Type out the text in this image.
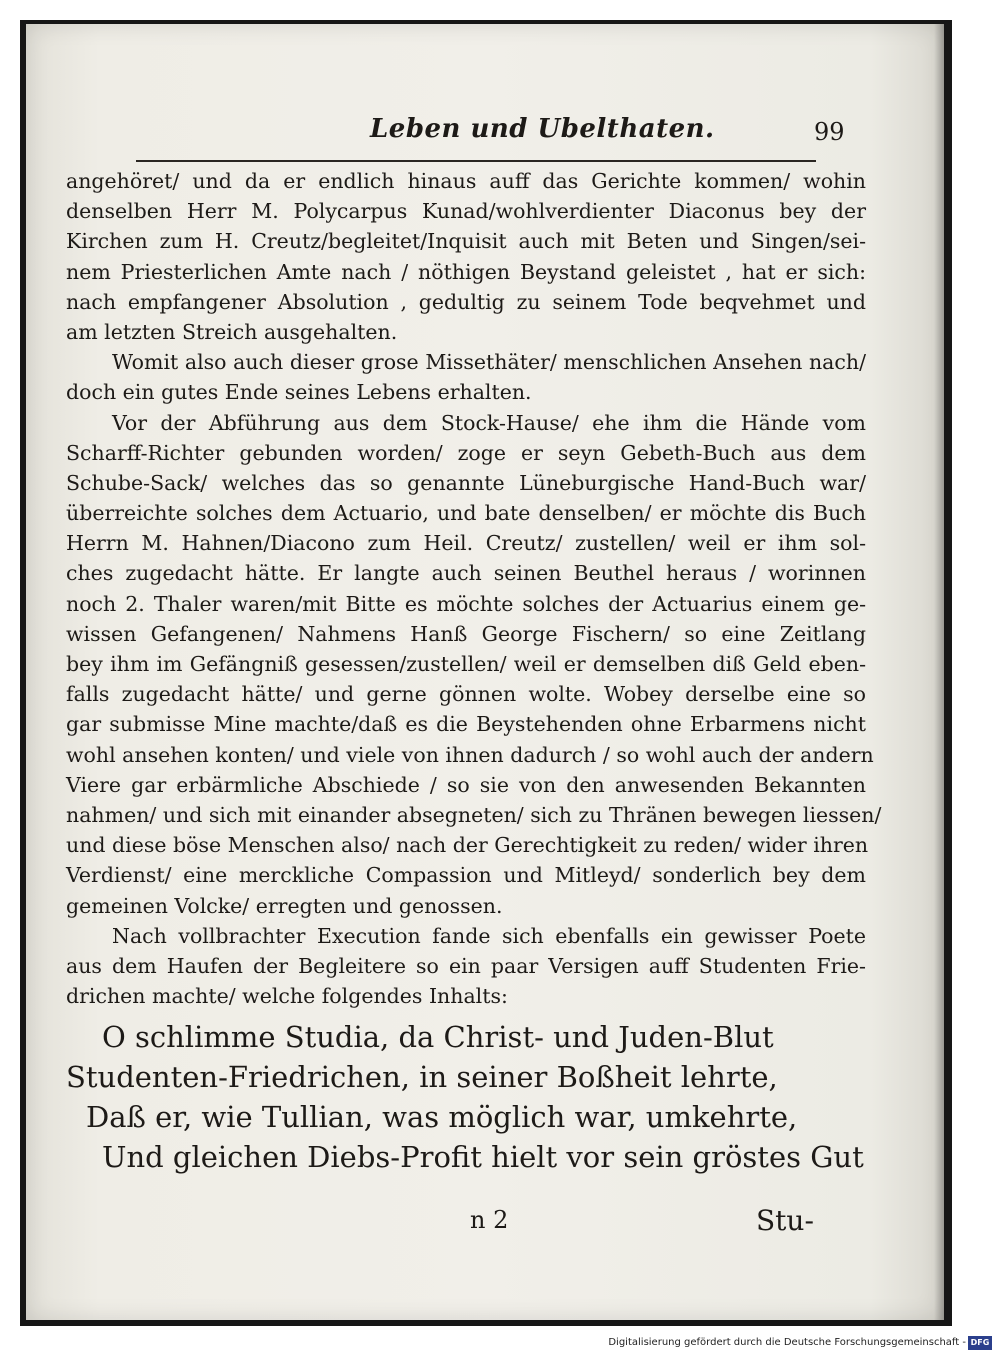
Leben und Ubelthaten.	99
angehöret/ und da er endlich hinaus auff das Gerichte kommen/ wohin
denselben Herr M. Polycarpus Kunad/wohlverdienter Diaconus bey der
Kirchen zum H. Creutz/begleitet/Inquisit auch mit Beten und Singen/sei-
nem Priesterlichen Amte nach / nöthigen Beystand geleistet , hat er sich:
nach empfangener Absolution , gedultig zu seinem Tode beqvehmet und
am letzten Streich ausgehalten.
Womit also auch dieser grose Missethäter/ menschlichen Ansehen nach/
doch ein gutes Ende seines Lebens erhalten.
Vor der Abführung aus dem Stock-Hause/ ehe ihm die Hände vom
Scharff-Richter gebunden worden/ zoge er seyn Gebeth-Buch aus dem
Schube-Sack/ welches das so genannte Lüneburgische Hand-Buch war/
überreichte solches dem Actuario, und bate denselben/ er möchte dis Buch
Herrn M. Hahnen/Diacono zum Heil. Creutz/ zustellen/ weil er ihm sol-
ches zugedacht hätte. Er langte auch seinen Beuthel heraus / worinnen
noch 2. Thaler waren/mit Bitte es möchte solches der Actuarius einem ge-
wissen Gefangenen/ Nahmens Hanß George Fischern/ so eine Zeitlang
bey ihm im Gefängniß gesessen/zustellen/ weil er demselben diß Geld eben-
falls zugedacht hätte/ und gerne gönnen wolte. Wobey derselbe eine so
gar submisse Mine machte/daß es die Beystehenden ohne Erbarmens nicht
wohl ansehen konten/ und viele von ihnen dadurch / so wohl auch der andern
Viere gar erbärmliche Abschiede / so sie von den anwesenden Bekannten
nahmen/ und sich mit einander absegneten/ sich zu Thränen bewegen liessen/
und diese böse Menschen also/ nach der Gerechtigkeit zu reden/ wider ihren
Verdienst/ eine merckliche Compassion und Mitleyd/ sonderlich bey dem
gemeinen Volcke/ erregten und genossen.
Nach vollbrachter Execution fande sich ebenfalls ein gewisser Poete
aus dem Haufen der Begleitere so ein paar Versigen auff Studenten Frie-
drichen machte/ welche folgendes Inhalts:
O schlimme Studia, da Christ- und Juden-Blut
Studenten-Friedrichen, in seiner Boßheit lehrte,
Daß er, wie Tullian, was möglich war, umkehrte,
Und gleichen Diebs-Profit hielt vor sein gröstes Gut
n 2	Stu-
Digitalisierung gefördert durch die Deutsche Forschungsgemeinschaft - DFG
